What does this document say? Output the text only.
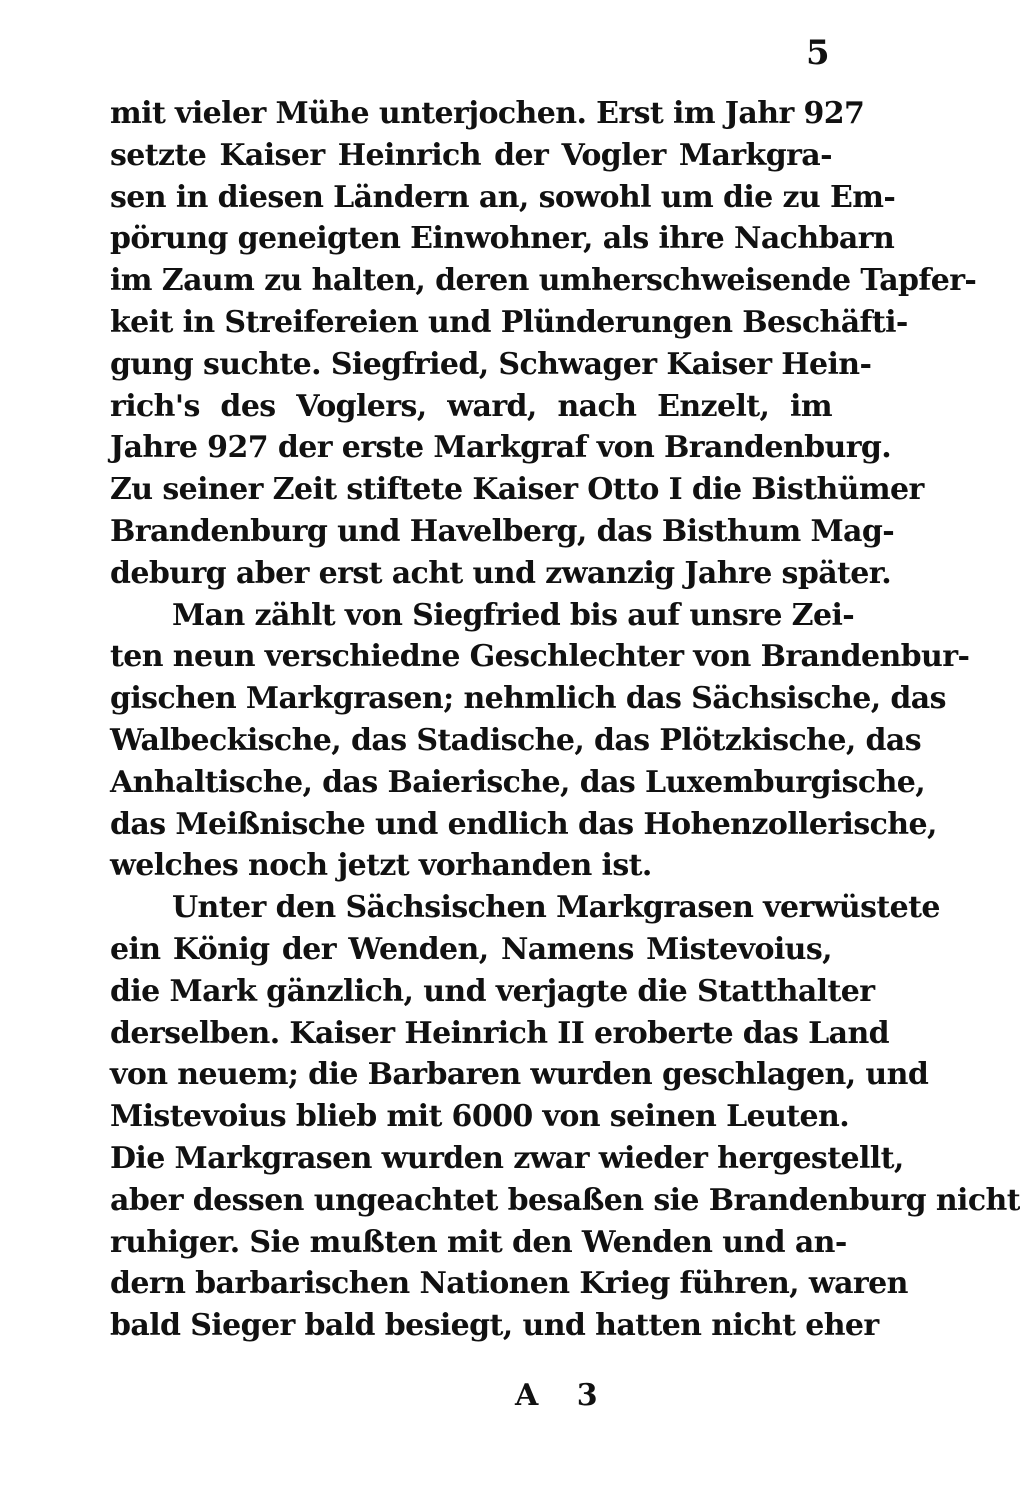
5
mit vieler Mühe unterjochen. Erst im Jahr 927
setzte Kaiser Heinrich der Vogler Markgra-
sen in diesen Ländern an, sowohl um die zu Em-
pörung geneigten Einwohner, als ihre Nachbarn
im Zaum zu halten, deren umherschweisende Tapfer-
keit in Streifereien und Plünderungen Beschäfti-
gung suchte. Siegfried, Schwager Kaiser Hein-
rich's des Voglers, ward, nach Enzelt, im
Jahre 927 der erste Markgraf von Brandenburg.
Zu seiner Zeit stiftete Kaiser Otto I die Bisthümer
Brandenburg und Havelberg, das Bisthum Mag-
deburg aber erst acht und zwanzig Jahre später.
Man zählt von Siegfried bis auf unsre Zei-
ten neun verschiedne Geschlechter von Brandenbur-
gischen Markgrasen; nehmlich das Sächsische, das
Walbeckische, das Stadische, das Plötzkische, das
Anhaltische, das Baierische, das Luxemburgische,
das Meißnische und endlich das Hohenzollerische,
welches noch jetzt vorhanden ist.
Unter den Sächsischen Markgrasen verwüstete
ein König der Wenden, Namens Mistevoius,
die Mark gänzlich, und verjagte die Statthalter
derselben. Kaiser Heinrich II eroberte das Land
von neuem; die Barbaren wurden geschlagen, und
Mistevoius blieb mit 6000 von seinen Leuten.
Die Markgrasen wurden zwar wieder hergestellt,
aber dessen ungeachtet besaßen sie Brandenburg nicht
ruhiger. Sie mußten mit den Wenden und an-
dern barbarischen Nationen Krieg führen, waren
bald Sieger bald besiegt, und hatten nicht eher
A 3
